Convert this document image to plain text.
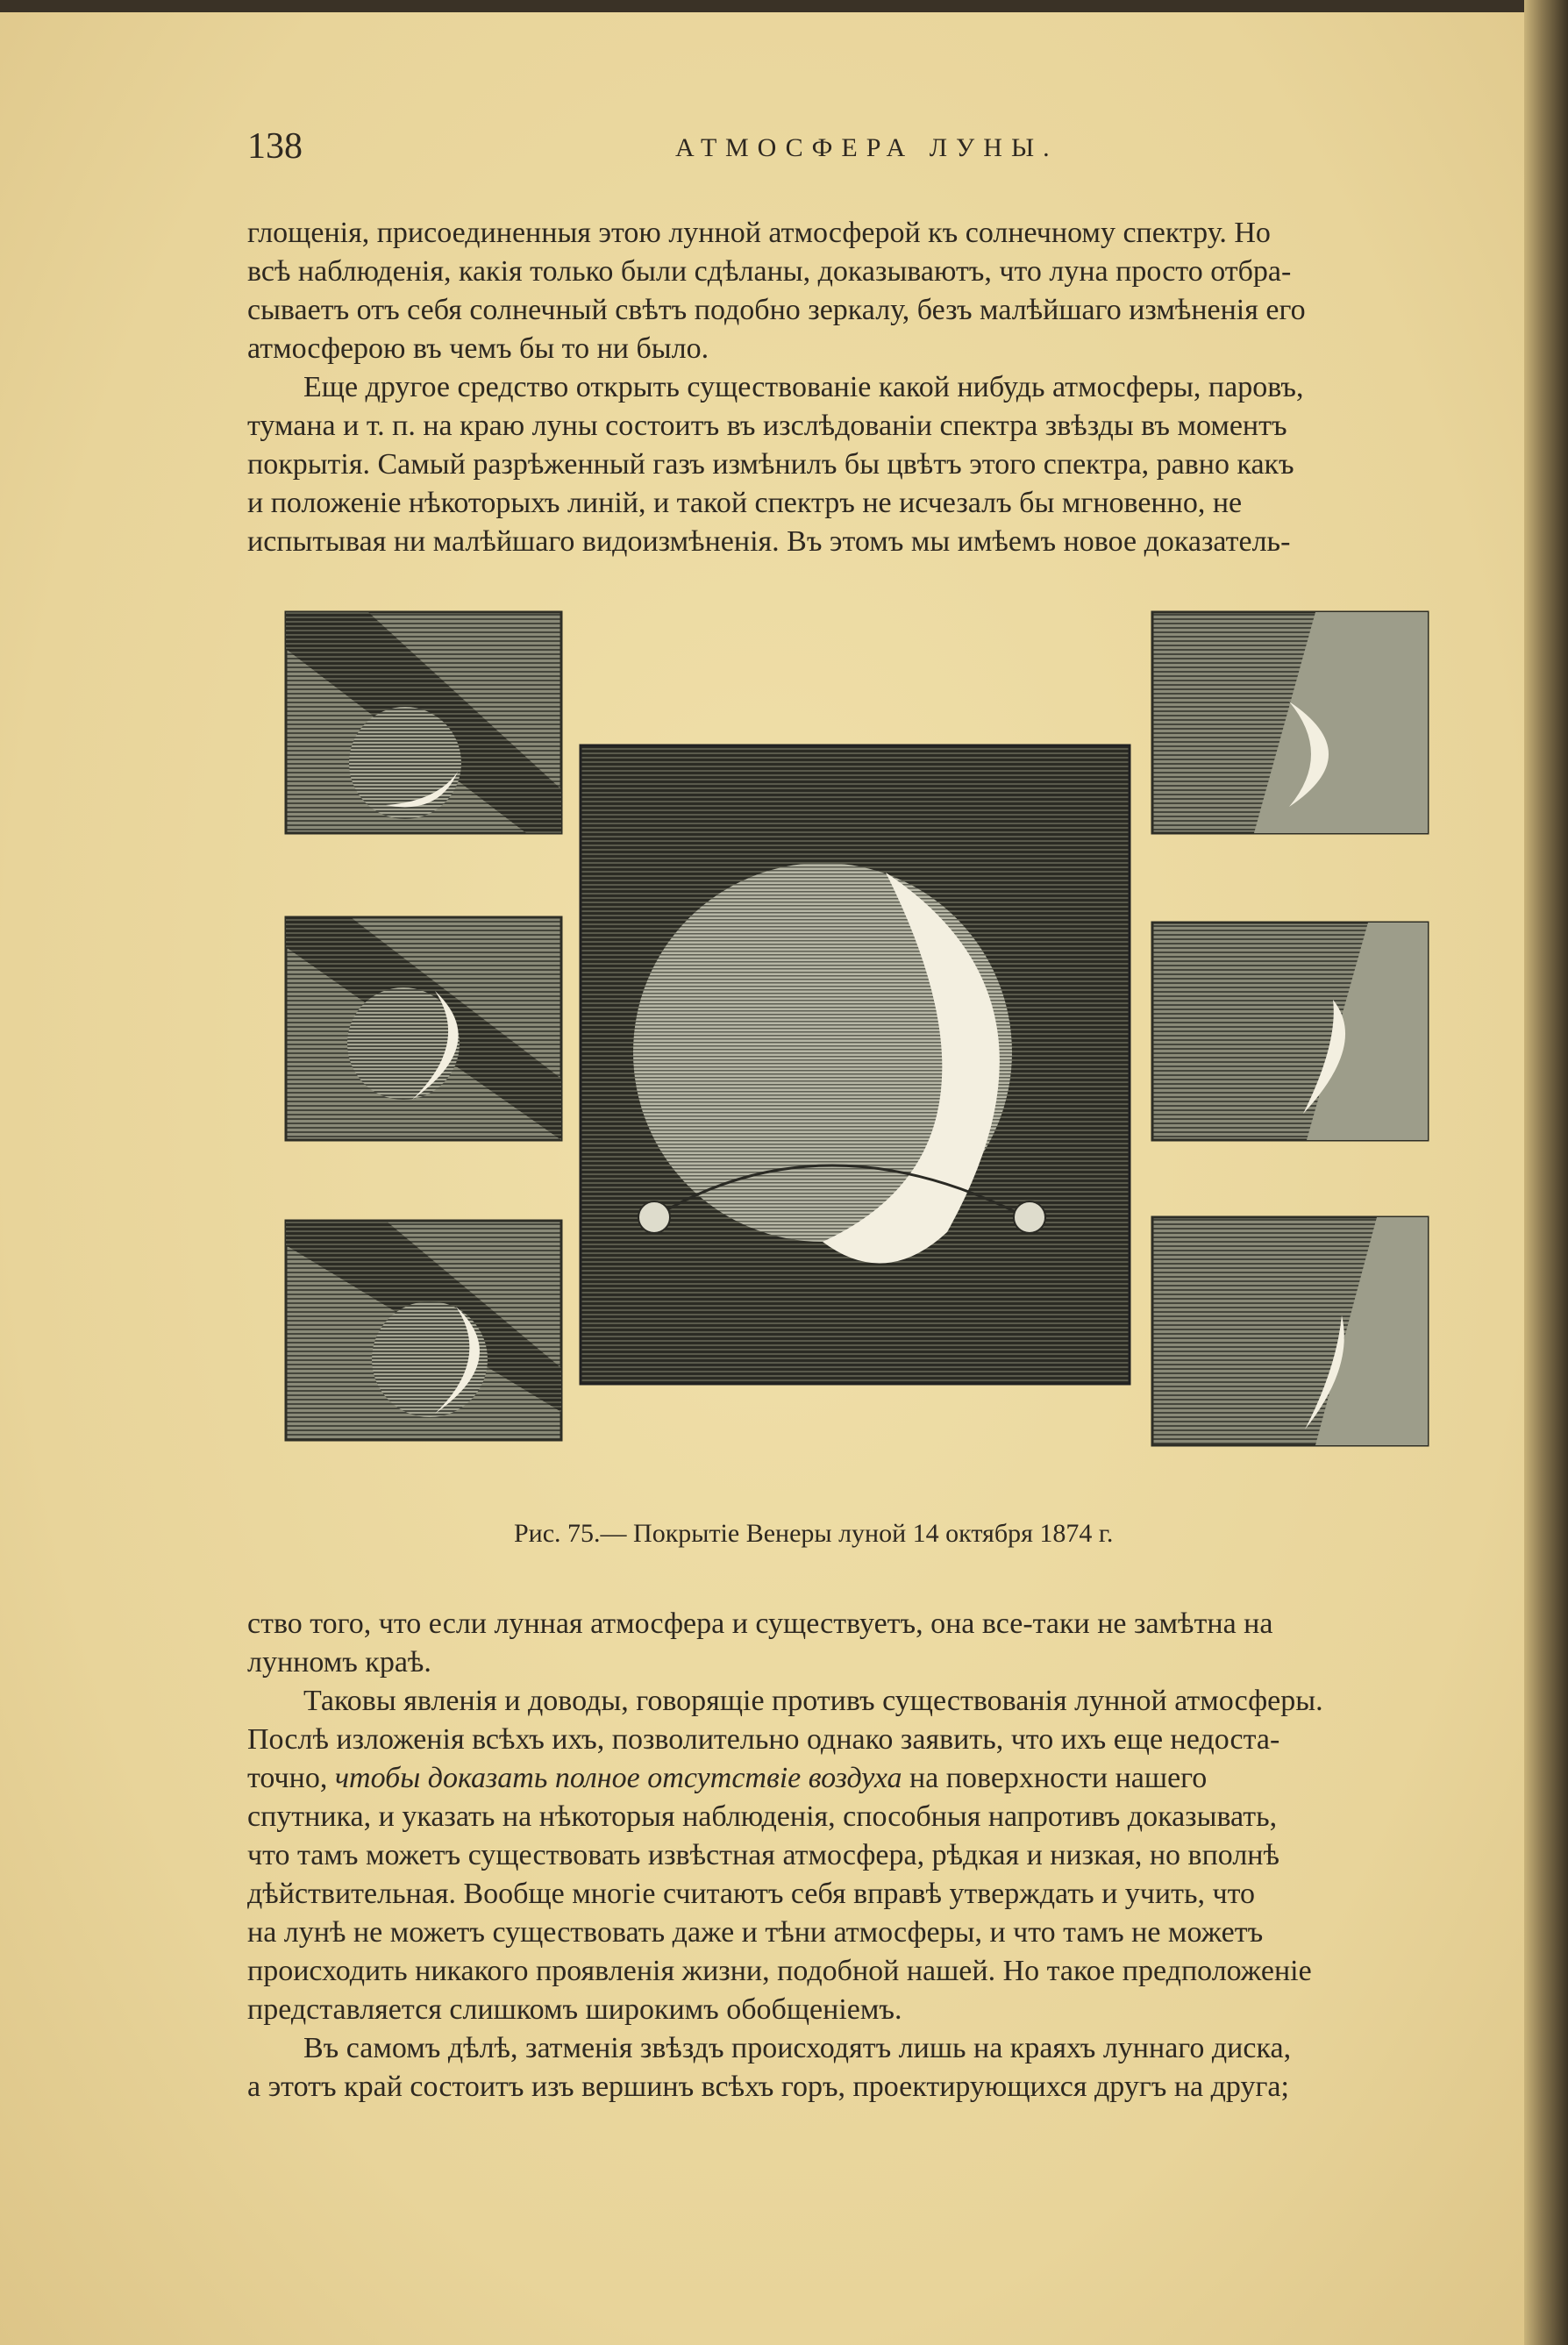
138	АТМОСФЕРА ЛУНЫ.

глощенія, присоединенныя этою лунной атмосферой къ солнечному спектру. Но

всѣ наблюденія, какія только были сдѣланы, доказываютъ, что луна просто отбра-

сываетъ отъ себя солнечный свѣтъ подобно зеркалу, безъ малѣйшаго измѣненія его

атмосферою въ чемъ бы то ни было.

Еще другое средство открыть существованіе какой нибудь атмосферы, паровъ,

тумана и т. п. на краю луны состоитъ въ изслѣдованіи спектра звѣзды въ моментъ

покрытія. Самый разрѣженный газъ измѣнилъ бы цвѣтъ этого спектра, равно какъ

и положеніе нѣкоторыхъ линій, и такой спектръ не исчезалъ бы мгновенно, не

испытывая ни малѣйшаго видоизмѣненія. Въ этомъ мы имѣемъ новое доказатель-

Рис. 75.— Покрытіе Венеры луной 14 октября 1874 г.

ство того, что если лунная атмосфера и существуетъ, она все-таки не замѣтна на

лунномъ краѣ.

Таковы явленія и доводы, говорящіе противъ существованія лунной атмосферы.

Послѣ изложенія всѣхъ ихъ, позволительно однако заявить, что ихъ еще недоста-

точно, чтобы доказать полное отсутствіе воздуха на поверхности нашего

спутника, и указать на нѣкоторыя наблюденія, способныя напротивъ доказывать,

что тамъ можетъ существовать извѣстная атмосфера, рѣдкая и низкая, но вполнѣ

дѣйствительная. Вообще многіе считаютъ себя вправѣ утверждать и учить, что

на лунѣ не можетъ существовать даже и тѣни атмосферы, и что тамъ не можетъ

происходить никакого проявленія жизни, подобной нашей. Но такое предположеніе

представляется слишкомъ широкимъ обобщеніемъ.

Въ самомъ дѣлѣ, затменія звѣздъ происходятъ лишь на краяхъ луннаго диска,

а этотъ край состоитъ изъ вершинъ всѣхъ горъ, проектирующихся другъ на друга;
